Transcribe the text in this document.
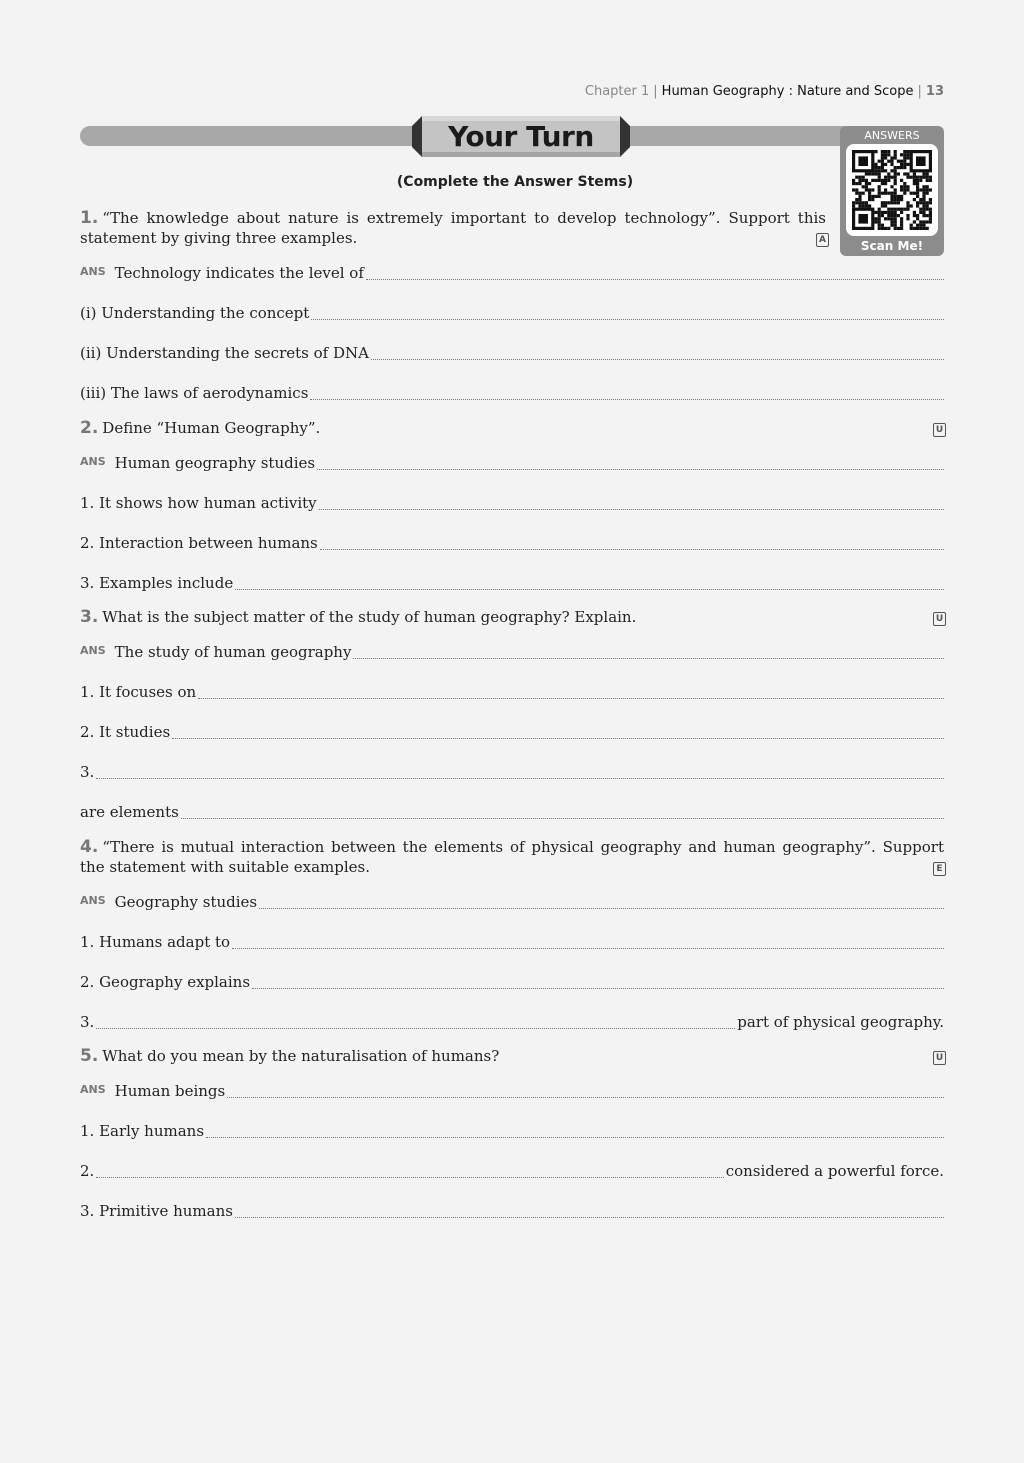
Chapter 1 | Human Geography : Nature and Scope | 13
Your Turn
(Complete the Answer Stems)
ANSWERS
Scan Me!
1. “The knowledge about nature is extremely important to develop technology”. Support this statement by giving three examples.	A
ANS Technology indicates the level of
(i) Understanding the concept
(ii) Understanding the secrets of DNA
(iii) The laws of aerodynamics
2. Define “Human Geography”.	U
ANS Human geography studies
1. It shows how human activity
2. Interaction between humans
3. Examples include
3. What is the subject matter of the study of human geography? Explain.	U
ANS The study of human geography
1. It focuses on
2. It studies
3.
are elements
4. “There is mutual interaction between the elements of physical geography and human geography”. Support the statement with suitable examples.	E
ANS Geography studies
1. Humans adapt to
2. Geography explains
3.	part of physical geography.
5. What do you mean by the naturalisation of humans?	U
ANS Human beings
1. Early humans
2.	considered a powerful force.
3. Primitive humans
